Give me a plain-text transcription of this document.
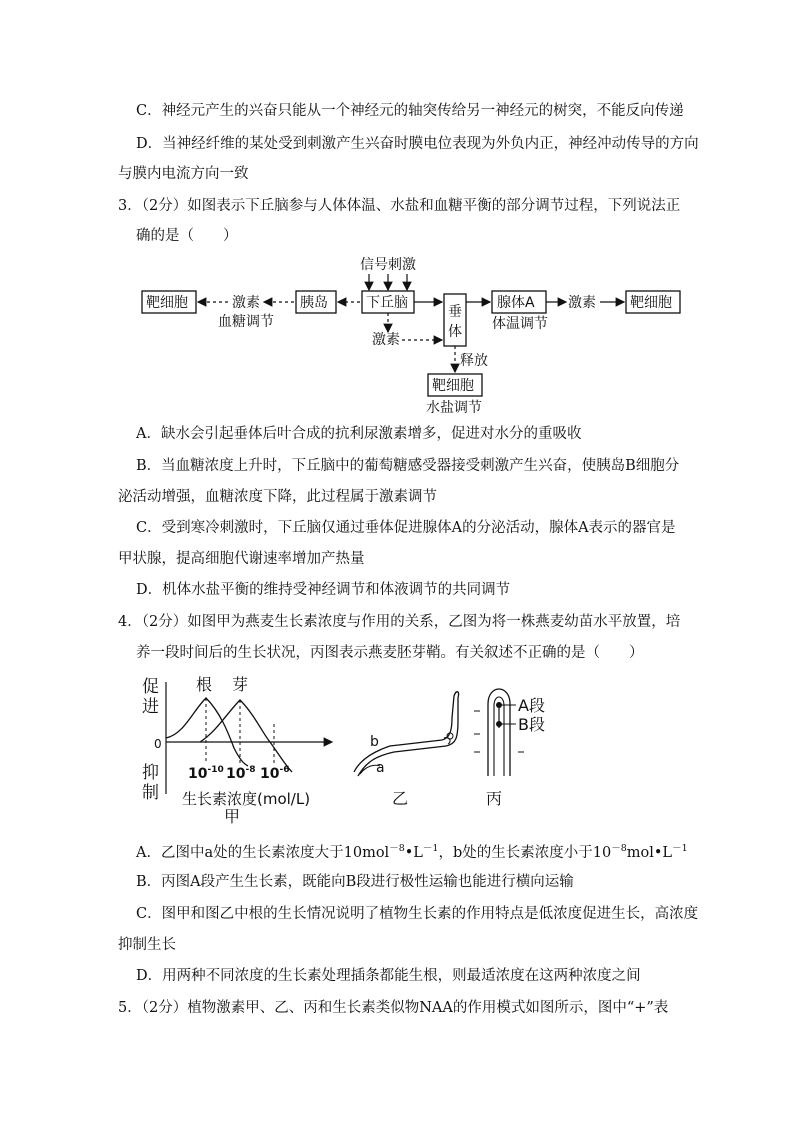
C．神经元产生的兴奋只能从一个神经元的轴突传给另一神经元的树突，不能反向传递
D．当神经纤维的某处受到刺激产生兴奋时膜电位表现为外负内正，神经冲动传导的方向
与膜内电流方向一致
3．（2分）如图表示下丘脑参与人体体温、水盐和血糖平衡的部分调节过程，下列说法正
确的是（　　）
信号刺激
靶细胞	激素
血糖调节
胰岛	下丘脑
激素
垂
体
腺体A
体温调节
激素 靶细胞
释放
靶细胞
水盐调节
A．缺水会引起垂体后叶合成的抗利尿激素增多，促进对水分的重吸收
B．当血糖浓度上升时，下丘脑中的葡萄糖感受器接受刺激产生兴奋，使胰岛B细胞分
泌活动增强，血糖浓度下降，此过程属于激素调节
C．受到寒冷刺激时，下丘脑仅通过垂体促进腺体A的分泌活动，腺体A表示的器官是
甲状腺，提高细胞代谢速率增加产热量
D．机体水盐平衡的维持受神经调节和体液调节的共同调节
4．（2分）如图甲为燕麦生长素浓度与作用的关系，乙图为将一株燕麦幼苗水平放置，培
养一段时间后的生长状况，丙图表示燕麦胚芽鞘。有关叙述不正确的是（　　）
促
进
抑
制
0
根 芽
$10^{-10}$ $10^{-8}$ $10^{-6}$
生长素浓度(mol/L)
甲
b
a
乙
A段
B段
丙
A．乙图中a处的生长素浓度大于$10mol^{-8}•L^{-1}$，b处的生长素浓度小于$10^{-8}mol•L^{-1}$
B．丙图A段产生生长素，既能向B段进行极性运输也能进行横向运输
C．图甲和图乙中根的生长情况说明了植物生长素的作用特点是低浓度促进生长，高浓度
抑制生长
D．用两种不同浓度的生长素处理插条都能生根，则最适浓度在这两种浓度之间
5．（2分）植物激素甲、乙、丙和生长素类似物NAA的作用模式如图所示，图中“+”表
